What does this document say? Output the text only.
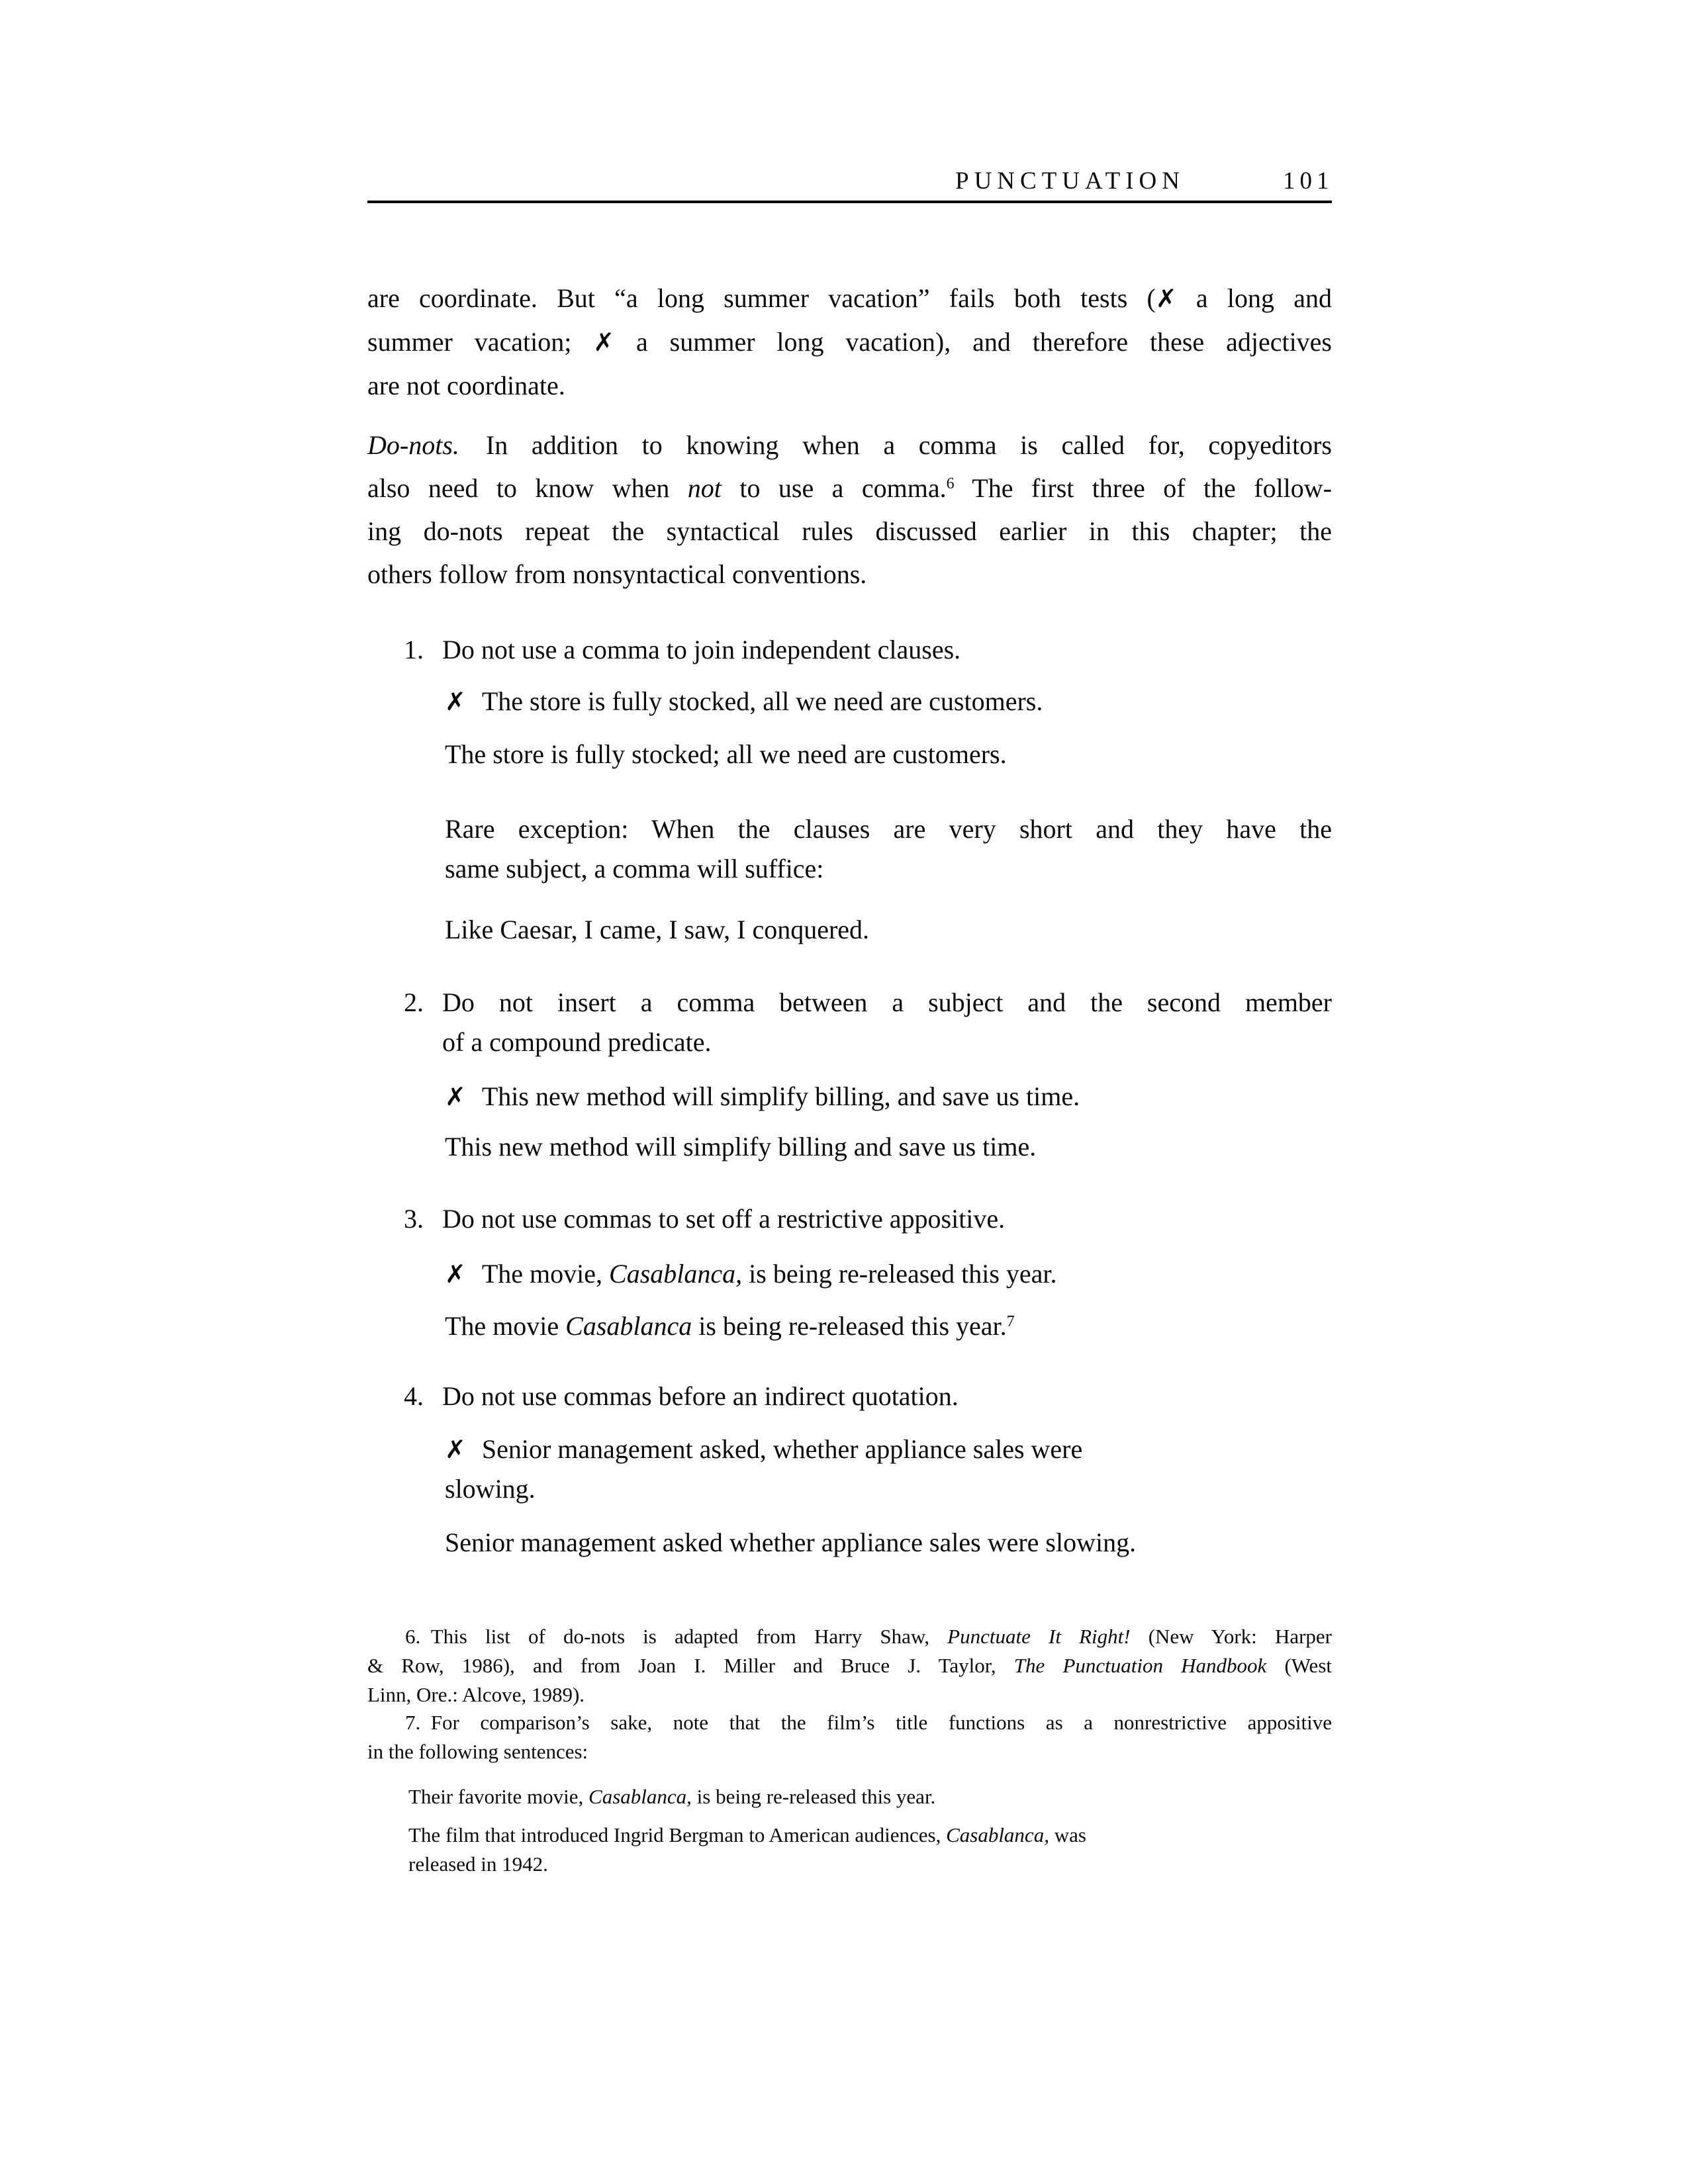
PUNCTUATION	101
are coordinate. But “a long summer vacation” fails both tests (✗ a long and
summer vacation; ✗ a summer long vacation), and therefore these adjectives
are not coordinate.
Do-nots. In addition to knowing when a comma is called for, copyeditors
also need to know when not to use a comma.$^6$ The first three of the follow-
ing do-nots repeat the syntactical rules discussed earlier in this chapter; the
others follow from nonsyntactical conventions.
1. Do not use a comma to join independent clauses.
✗ The store is fully stocked, all we need are customers.
The store is fully stocked; all we need are customers.
Rare exception: When the clauses are very short and they have the
same subject, a comma will suffice:
Like Caesar, I came, I saw, I conquered.
2. Do not insert a comma between a subject and the second member
of a compound predicate.
✗ This new method will simplify billing, and save us time.
This new method will simplify billing and save us time.
3. Do not use commas to set off a restrictive appositive.
✗ The movie, Casablanca, is being re-released this year.
The movie Casablanca is being re-released this year.$^7$
4. Do not use commas before an indirect quotation.
✗ Senior management asked, whether appliance sales were
slowing.
Senior management asked whether appliance sales were slowing.
6. This list of do-nots is adapted from Harry Shaw, Punctuate It Right! (New York: Harper
& Row, 1986), and from Joan I. Miller and Bruce J. Taylor, The Punctuation Handbook (West
Linn, Ore.: Alcove, 1989).
7. For comparison’s sake, note that the film’s title functions as a nonrestrictive appositive
in the following sentences:
Their favorite movie, Casablanca, is being re-released this year.
The film that introduced Ingrid Bergman to American audiences, Casablanca, was
released in 1942.
